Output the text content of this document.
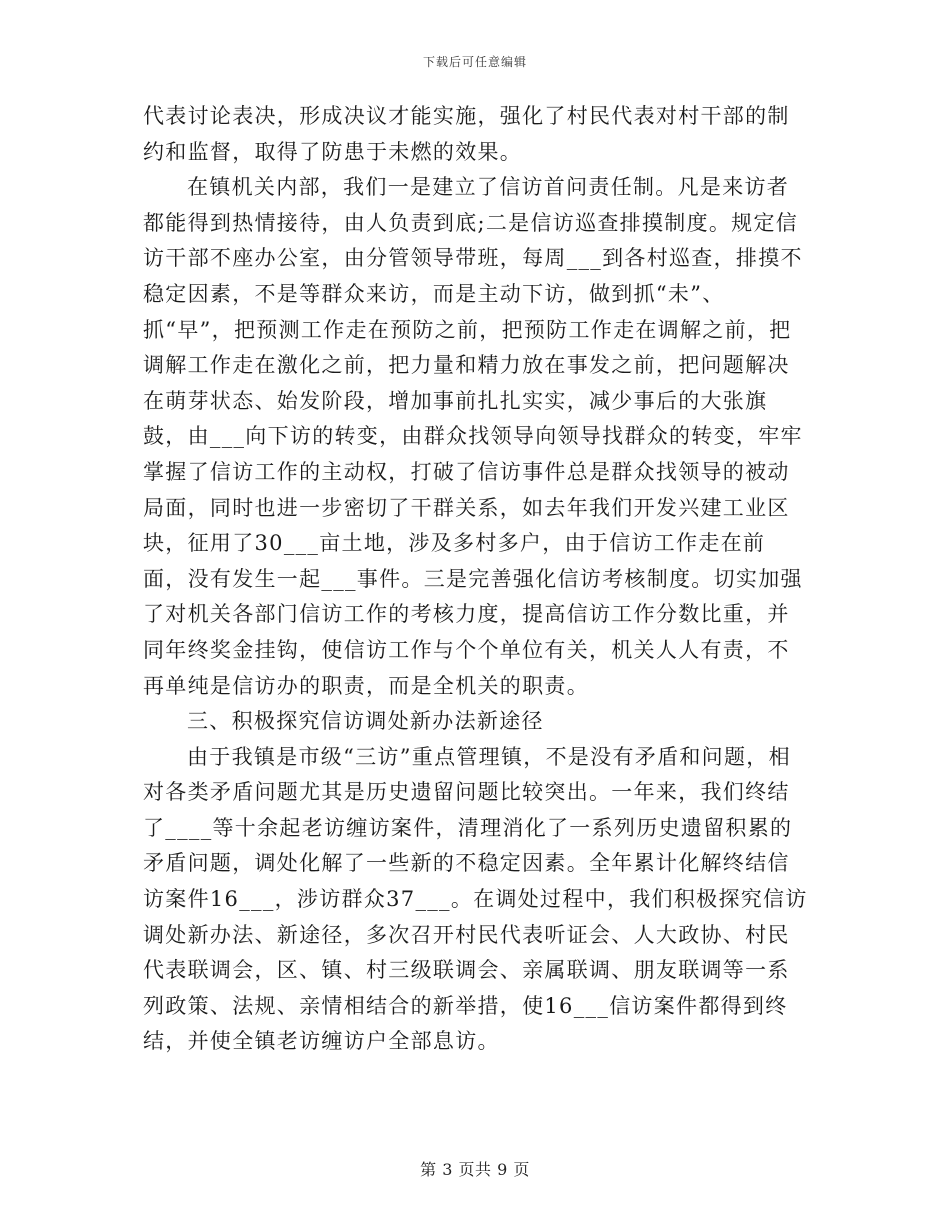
下载后可任意编辑

代表讨论表决，形成决议才能实施，强化了村民代表对村干部的制约和监督，取得了防患于未燃的效果。

在镇机关内部，我们一是建立了信访首问责任制。凡是来访者都能得到热情接待，由人负责到底;二是信访巡查排摸制度。规定信访干部不座办公室，由分管领导带班，每周___到各村巡查，排摸不稳定因素，不是等群众来访，而是主动下访，做到抓“未”、抓“早”，把预测工作走在预防之前，把预防工作走在调解之前，把调解工作走在激化之前，把力量和精力放在事发之前，把问题解决在萌芽状态、始发阶段，增加事前扎扎实实，减少事后的大张旗鼓，由___向下访的转变，由群众找领导向领导找群众的转变，牢牢掌握了信访工作的主动权，打破了信访事件总是群众找领导的被动局面，同时也进一步密切了干群关系，如去年我们开发兴建工业区块，征用了30___亩土地，涉及多村多户，由于信访工作走在前面，没有发生一起___事件。三是完善强化信访考核制度。切实加强了对机关各部门信访工作的考核力度，提高信访工作分数比重，并同年终奖金挂钩，使信访工作与个个单位有关，机关人人有责，不再单纯是信访办的职责，而是全机关的职责。

三、积极探究信访调处新办法新途径

由于我镇是市级“三访”重点管理镇，不是没有矛盾和问题，相对各类矛盾问题尤其是历史遗留问题比较突出。一年来，我们终结了____等十余起老访缠访案件，清理消化了一系列历史遗留积累的矛盾问题，调处化解了一些新的不稳定因素。全年累计化解终结信访案件16___，涉访群众37___。在调处过程中，我们积极探究信访调处新办法、新途径，多次召开村民代表听证会、人大政协、村民代表联调会，区、镇、村三级联调会、亲属联调、朋友联调等一系列政策、法规、亲情相结合的新举措，使16___信访案件都得到终结，并使全镇老访缠访户全部息访。

第 3 页共 9 页
